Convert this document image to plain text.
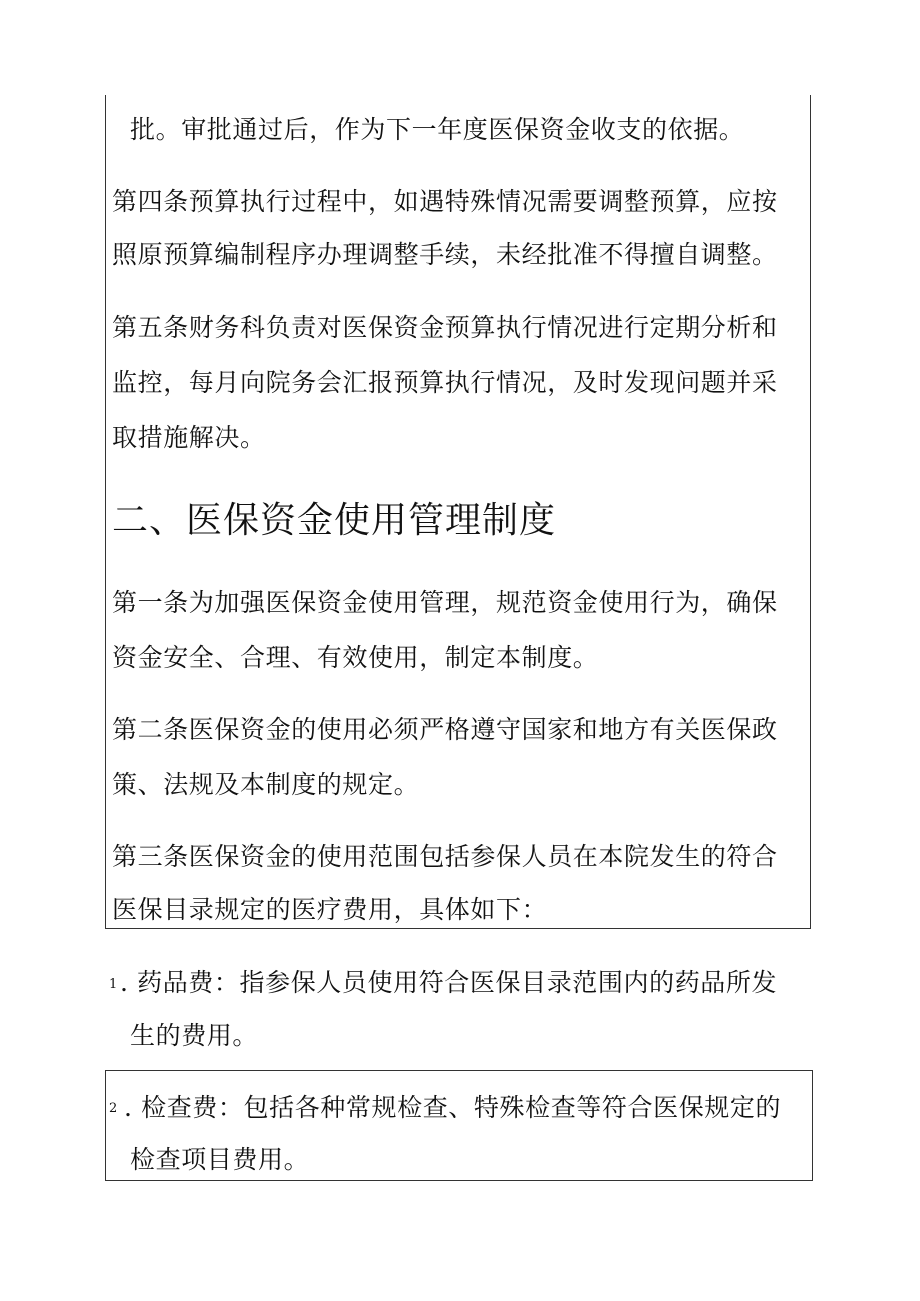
批。审批通过后，作为下一年度医保资金收支的依据。
第四条预算执行过程中，如遇特殊情况需要调整预算，应按
照原预算编制程序办理调整手续，未经批准不得擅自调整。
第五条财务科负责对医保资金预算执行情况进行定期分析和
监控，每月向院务会汇报预算执行情况，及时发现问题并采
取措施解决。
二、医保资金使用管理制度
第一条为加强医保资金使用管理，规范资金使用行为，确保
资金安全、合理、有效使用，制定本制度。
第二条医保资金的使用必须严格遵守国家和地方有关医保政
策、法规及本制度的规定。
第三条医保资金的使用范围包括参保人员在本院发生的符合
医保目录规定的医疗费用，具体如下：
1 . 药品费：指参保人员使用符合医保目录范围内的药品所发
生的费用。
2 . 检查费：包括各种常规检查、特殊检查等符合医保规定的
检查项目费用。
